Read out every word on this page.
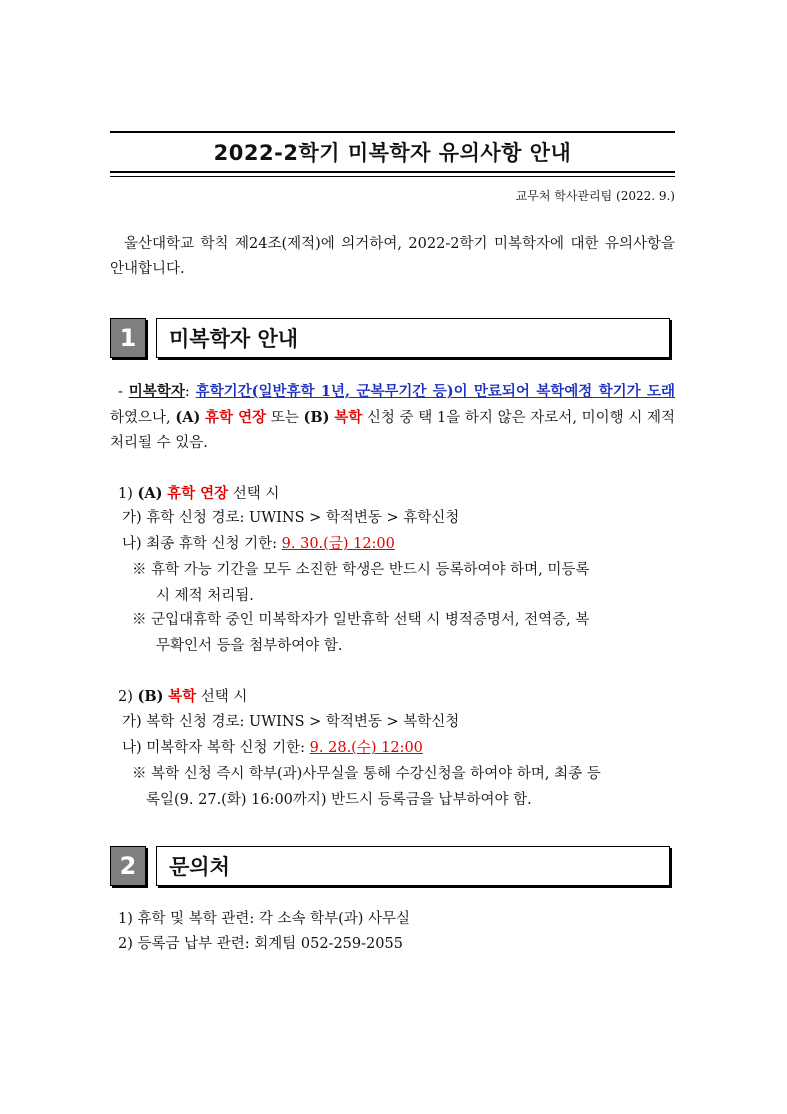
2022-2학기 미복학자 유의사항 안내
교무처 학사관리팀 (2022. 9.)
울산대학교 학칙 제24조(제적)에 의거하여, 2022-2학기 미복학자에 대한 유의사항을 안내합니다.
1	미복학자 안내
- 미복학자: 휴학기간(일반휴학 1년, 군복무기간 등)이 만료되어 복학예정 학기가 도래하였으나, (A) 휴학 연장 또는 (B) 복학 신청 중 택 1을 하지 않은 자로서, 미이행 시 제적 처리될 수 있음.
1) (A) 휴학 연장 선택 시
가) 휴학 신청 경로: UWINS > 학적변동 > 휴학신청
나) 최종 휴학 신청 기한: 9. 30.(금) 12:00
※ 휴학 가능 기간을 모두 소진한 학생은 반드시 등록하여야 하며, 미등록
시 제적 처리됨.
※ 군입대휴학 중인 미복학자가 일반휴학 선택 시 병적증명서, 전역증, 복
무확인서 등을 첨부하여야 함.
2) (B) 복학 선택 시
가) 복학 신청 경로: UWINS > 학적변동 > 복학신청
나) 미복학자 복학 신청 기한: 9. 28.(수) 12:00
※ 복학 신청 즉시 학부(과)사무실을 통해 수강신청을 하여야 하며, 최종 등
록일(9. 27.(화) 16:00까지) 반드시 등록금을 납부하여야 함.
2	문의처
1) 휴학 및 복학 관련: 각 소속 학부(과) 사무실
2) 등록금 납부 관련: 회계팀 052-259-2055
